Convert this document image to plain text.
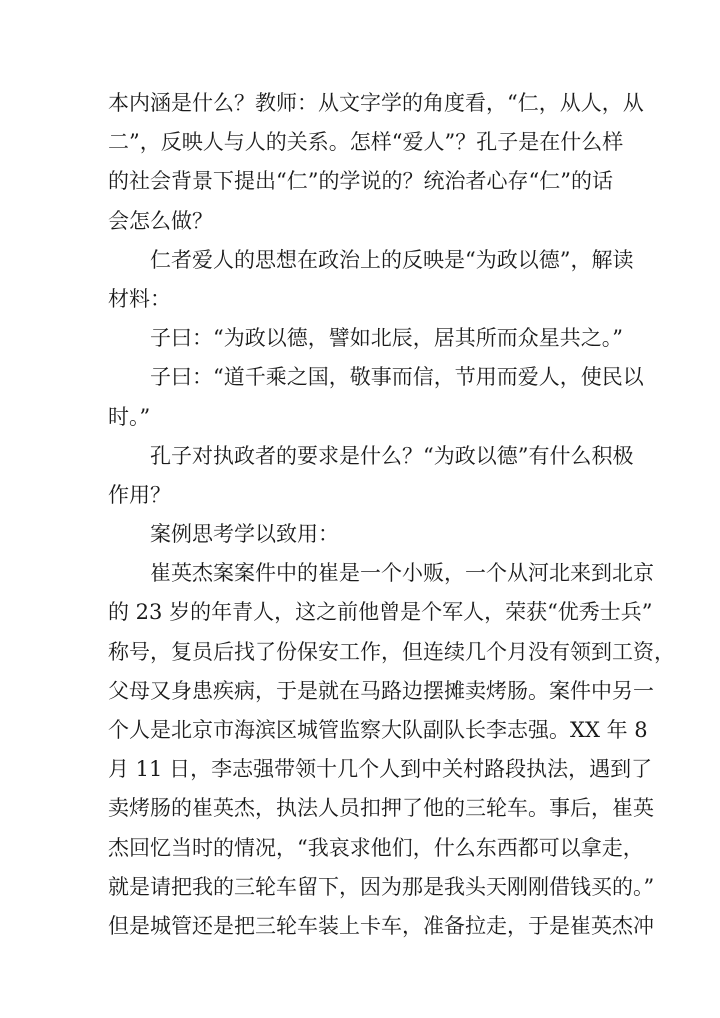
本内涵是什么？教师：从文字学的角度看，“仁，从人，从
二”，反映人与人的关系。怎样“爱人”？孔子是在什么样
的社会背景下提出“仁”的学说的？统治者心存“仁”的话
会怎么做？
仁者爱人的思想在政治上的反映是“为政以德”，解读
材料：
子曰：“为政以德，譬如北辰，居其所而众星共之。”
子曰：“道千乘之国，敬事而信，节用而爱人，使民以
时。”
孔子对执政者的要求是什么？“为政以德”有什么积极
作用？
案例思考学以致用：
崔英杰案案件中的崔是一个小贩，一个从河北来到北京
的 23 岁的年青人，这之前他曾是个军人，荣获“优秀士兵”
称号，复员后找了份保安工作，但连续几个月没有领到工资，
父母又身患疾病，于是就在马路边摆摊卖烤肠。案件中另一
个人是北京市海滨区城管监察大队副队长李志强。XX 年 8
月 11 日，李志强带领十几个人到中关村路段执法，遇到了
卖烤肠的崔英杰，执法人员扣押了他的三轮车。事后，崔英
杰回忆当时的情况，“我哀求他们，什么东西都可以拿走，
就是请把我的三轮车留下，因为那是我头天刚刚借钱买的。”
但是城管还是把三轮车装上卡车，准备拉走，于是崔英杰冲
